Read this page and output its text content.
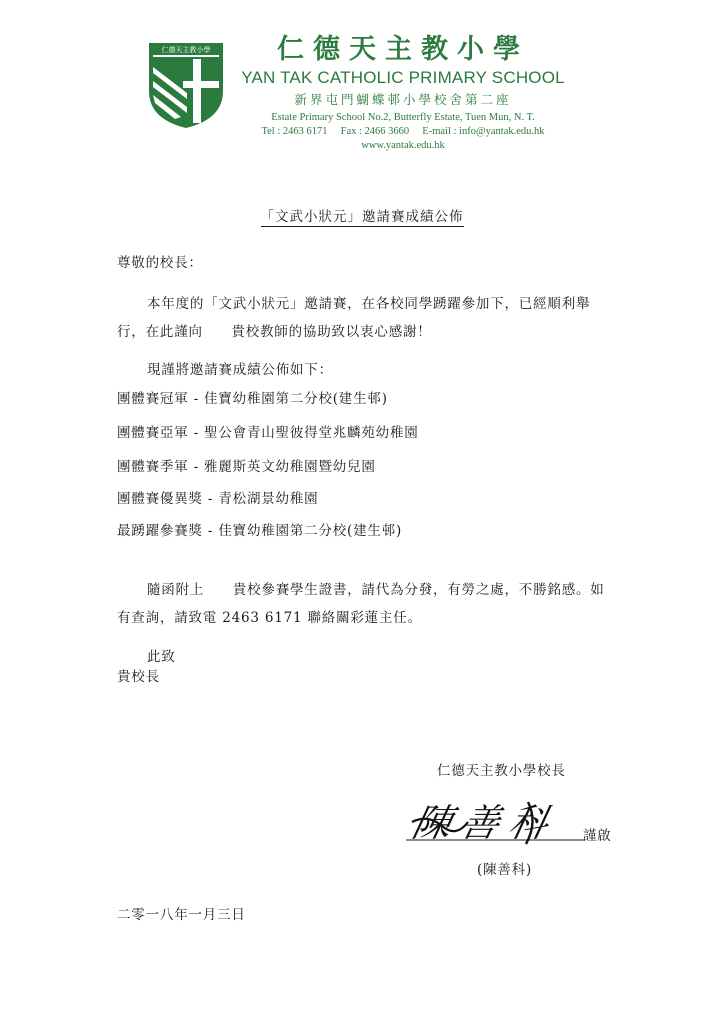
仁德天主教小學	仁德天主教小學

YAN TAK CATHOLIC PRIMARY SCHOOL

新界屯門蝴蝶邨小學校舍第二座

Estate Primary School No.2, Butterfly Estate, Tuen Mun, N. T.

Tel : 2463 6171     Fax : 2466 3660     E-mail : info@yantak.edu.hk

www.yantak.edu.hk

「文武小狀元」邀請賽成績公佈
尊敬的校長：

本年度的「文武小狀元」邀請賽，在各校同學踴躍參加下，已經順利舉行，在此謹向　　貴校教師的協助致以衷心感謝！

現謹將邀請賽成績公佈如下：
團體賽冠軍 - 佳寶幼稚園第二分校(建生邨)
團體賽亞軍 - 聖公會青山聖彼得堂兆麟苑幼稚園
團體賽季軍 - 雅麗斯英文幼稚園暨幼兒園
團體賽優異獎 - 青松湖景幼稚園
最踴躍參賽獎 - 佳寶幼稚園第二分校(建生邨)

隨函附上　　貴校參賽學生證書，請代為分發，有勞之處，不勝銘感。如有查詢，請致電 2463 6171 聯絡關彩蓮主任。

此致
貴校長
仁德天主教小學校長
陳善科 謹啟
(陳善科)
二零一八年一月三日
